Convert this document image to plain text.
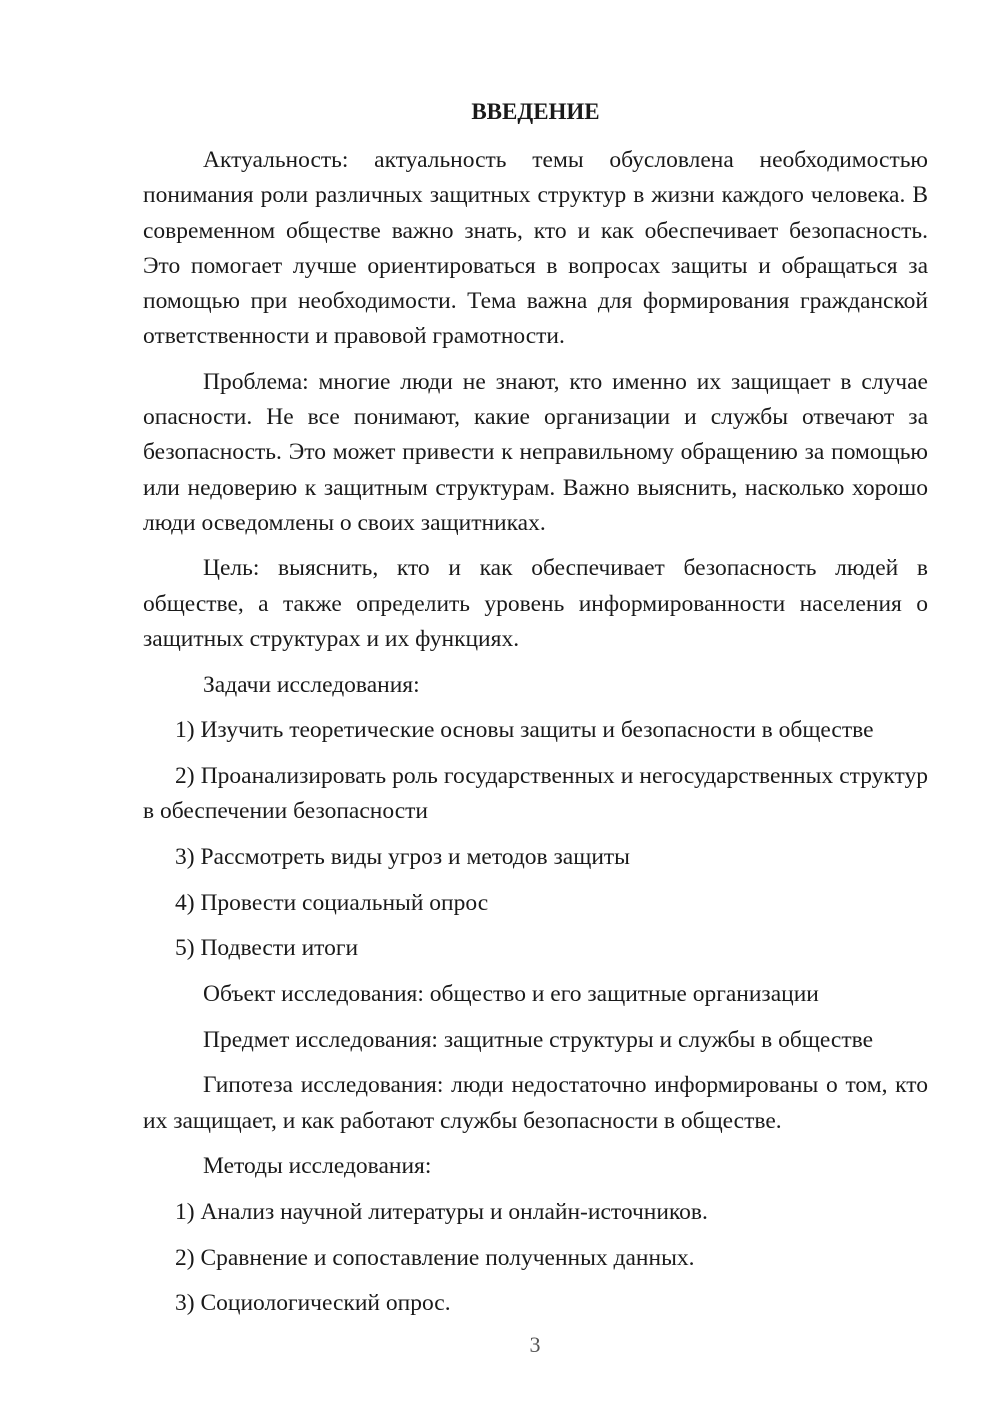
ВВЕДЕНИЕ

Актуальность: актуальность темы обусловлена необходимостью понимания роли различных защитных структур в жизни каждого человека. В современном обществе важно знать, кто и как обеспечивает безопасность. Это помогает лучше ориентироваться в вопросах защиты и обращаться за помощью при необходимости. Тема важна для формирования гражданской ответственности и правовой грамотности.

Проблема: многие люди не знают, кто именно их защищает в случае опасности. Не все понимают, какие организации и службы отвечают за безопасность. Это может привести к неправильному обращению за помощью или недоверию к защитным структурам. Важно выяснить, насколько хорошо люди осведомлены о своих защитниках.

Цель: выяснить, кто и как обеспечивает безопасность людей в обществе, а также определить уровень информированности населения о защитных структурах и их функциях.

Задачи исследования:

1) Изучить теоретические основы защиты и безопасности в обществе

2) Проанализировать роль государственных и негосударственных структур в обеспечении безопасности

3) Рассмотреть виды угроз и методов защиты

4) Провести социальный опрос

5) Подвести итоги

Объект исследования: общество и его защитные организации

Предмет исследования: защитные структуры и службы в обществе

Гипотеза исследования: люди недостаточно информированы о том, кто их защищает, и как работают службы безопасности в обществе.

Методы исследования:

1) Анализ научной литературы и онлайн-источников.

2) Сравнение и сопоставление полученных данных.

3) Социологический опрос.

3
